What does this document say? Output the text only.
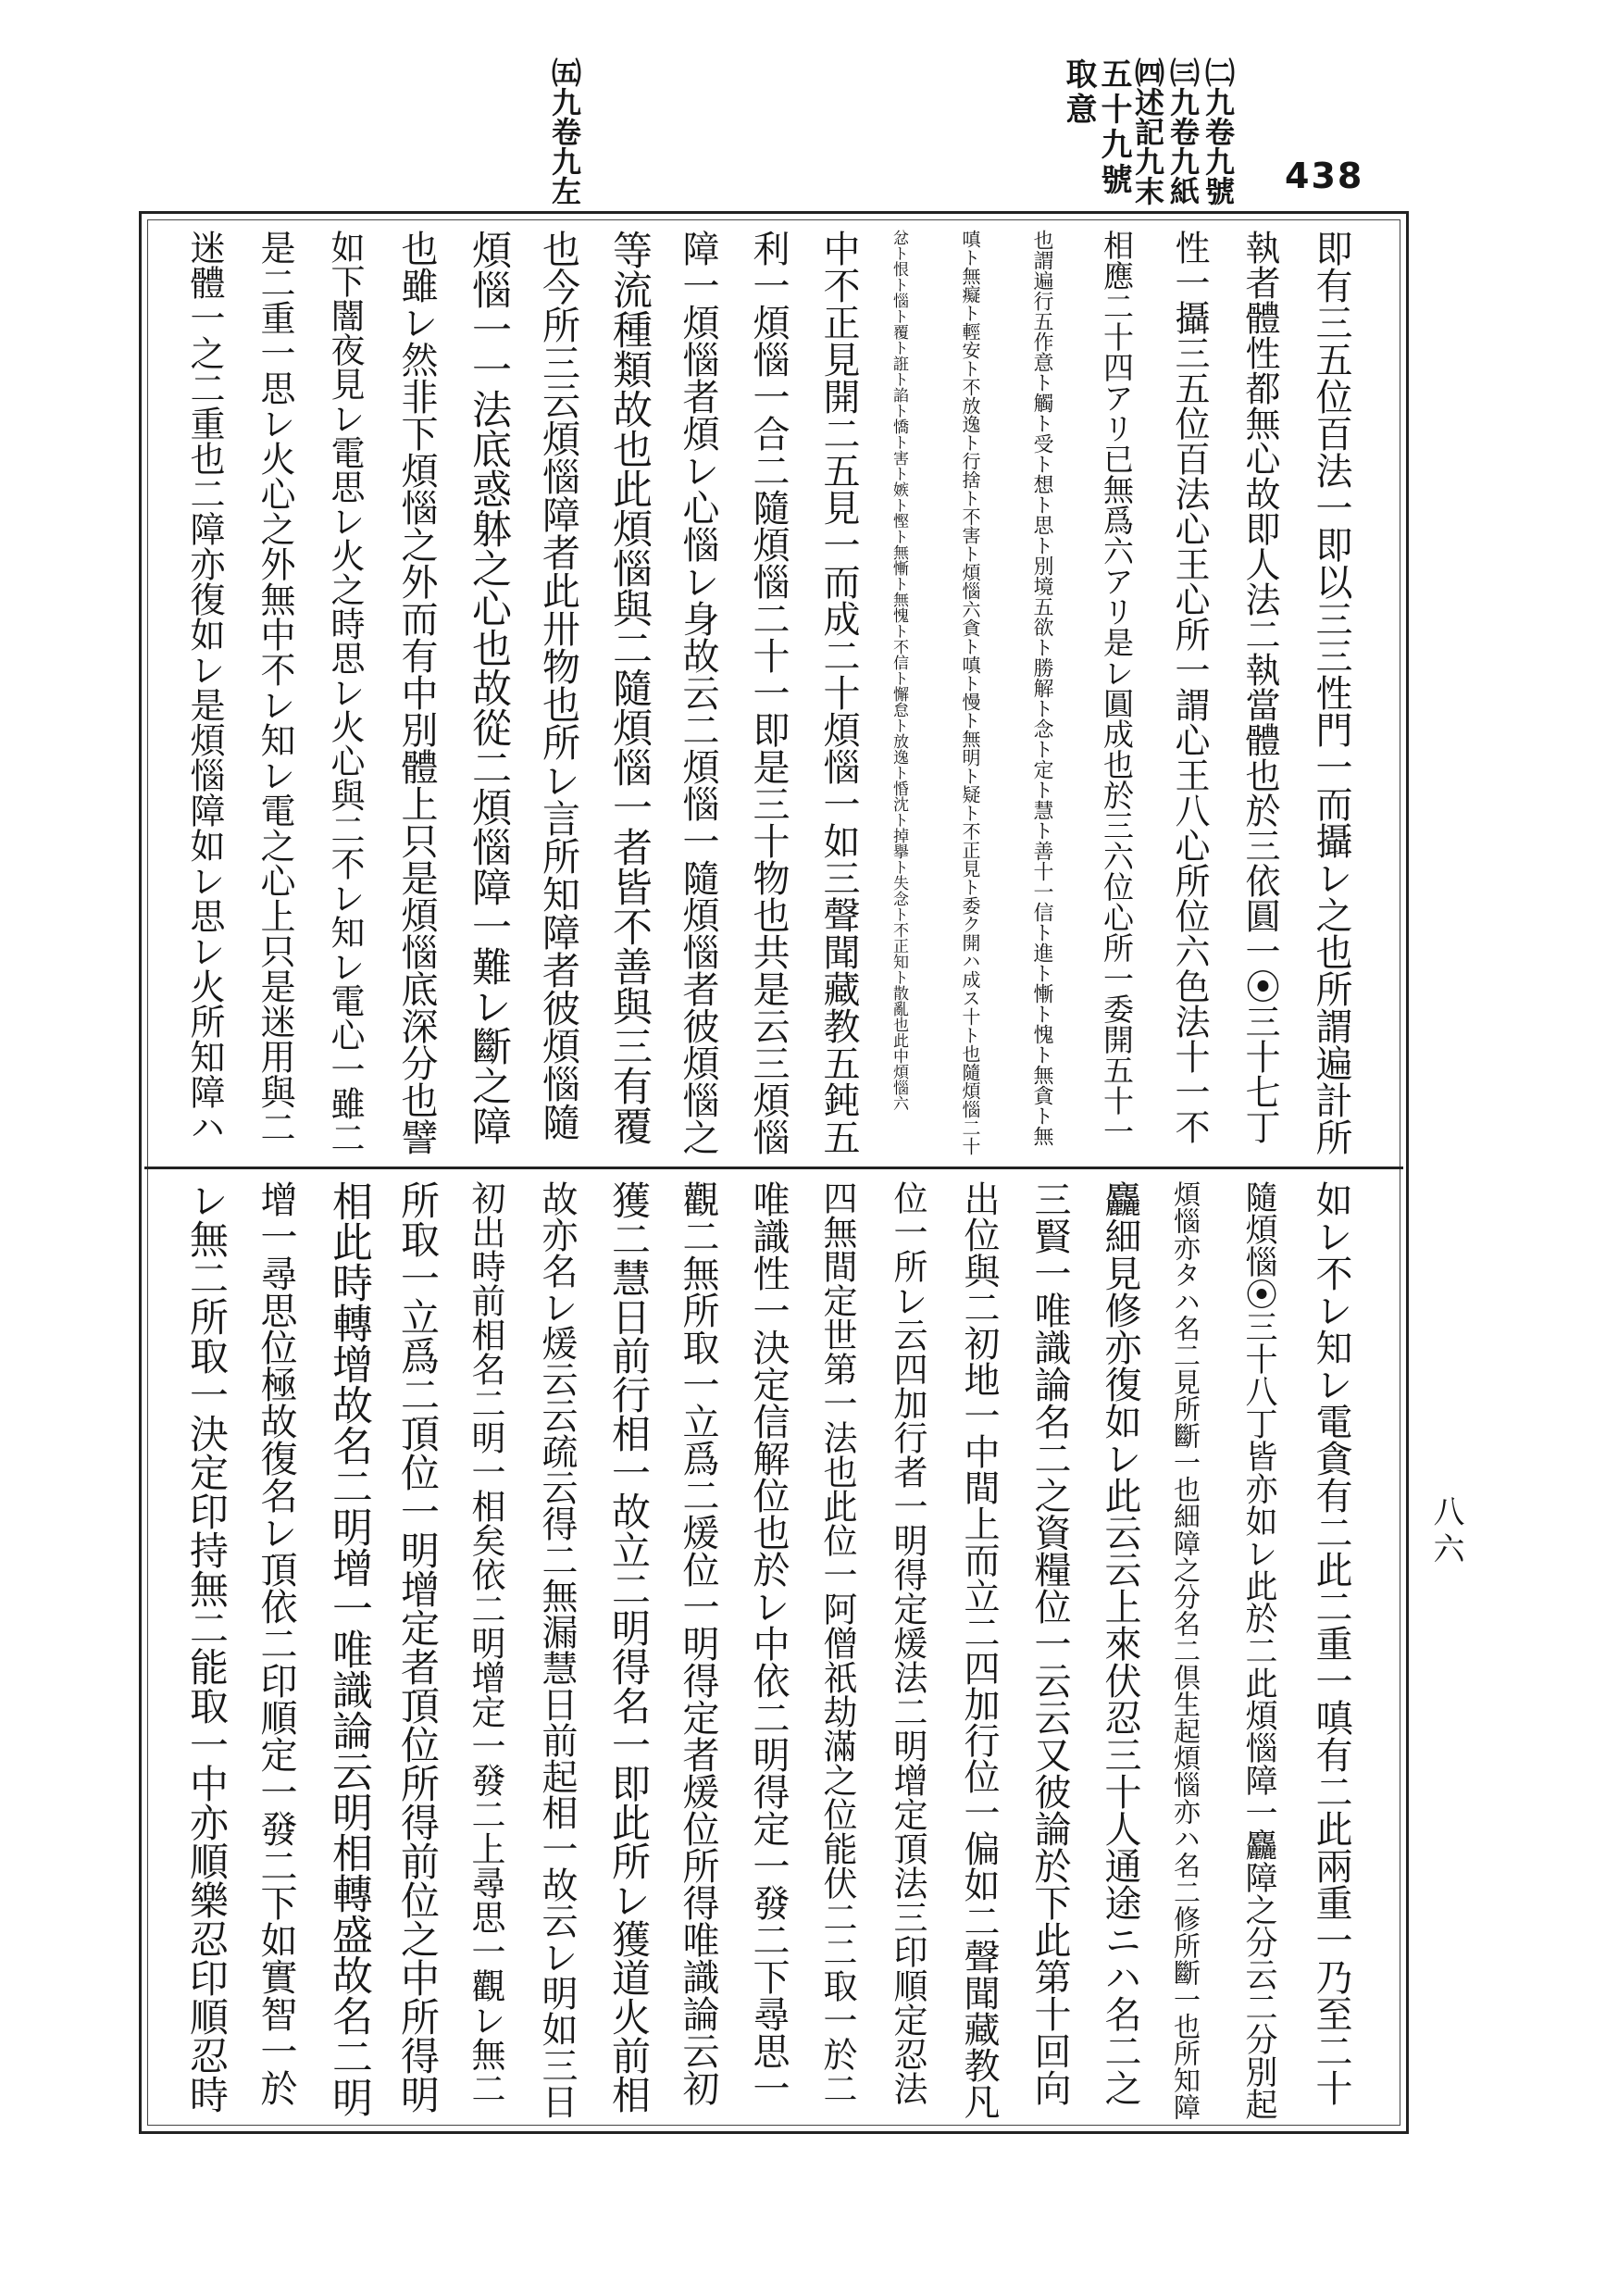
438
㈡九卷九號
㈢九卷九紙
㈣述記九末
五十九號
取意
㈤九卷九左
八六
即有三五位百法一即以三三性門一而攝レ之也所謂遍計所
執者體性都無心故即人法二執當體也於三依圓一⦿三十七丁
性一攝三五位百法心王心所一謂心王八心所位六色法十一不
相應二十四アリ已無爲六アリ是レ圓成也於三六位心所一委開五十一
也謂遍行五作意ト觸ト受ト想ト思ト別境五欲ト勝解ト念ト定ト慧ト善十一信ト進ト慚ト愧ト無貪ト無
嗔ト無癡ト輕安ト不放逸ト行捨ト不害ト煩惱六貪ト嗔ト慢ト無明ト疑ト不正見ト委ク開ハ成ス十ト也隨煩惱二十
忿ト恨ト惱ト覆ト誑ト諂ト憍ト害ト嫉ト慳ト無慚ト無愧ト不信ト懈怠ト放逸ト惛沈ト掉擧ト失念ト不正知ト散亂也此中煩惱六
中不正見開二五見一而成二十煩惱一如三聲聞藏教五鈍五
利一煩惱一合二隨煩惱二十一即是三十物也共是云三煩惱
障一煩惱者煩レ心惱レ身故云二煩惱一隨煩惱者彼煩惱之
等流種類故也此煩惱與二隨煩惱一者皆不善與三有覆
也今所三云煩惱障者此卅物也所レ言所知障者彼煩惱隨
煩惱一一法底惑躰之心也故從二煩惱障一難レ斷之障
也雖レ然非下煩惱之外而有中別體上只是煩惱底深分也譬
如下闇夜見レ電思レ火之時思レ火心與二不レ知レ電心一雖二
是二重一思レ火心之外無中不レ知レ電之心上只是迷用與二
迷體一之二重也二障亦復如レ是煩惱障如レ思レ火所知障ハ
如レ不レ知レ電貪有二此二重一嗔有二此兩重一乃至二十
隨煩惱⦿三十八丁皆亦如レ此於二此煩惱障一麤障之分云二分別起
煩惱亦タハ名二見所斷一也細障之分名二倶生起煩惱亦ハ名二修所斷一也所知障
麤細見修亦復如レ此云云上來伏忍三十人通途ニハ名二之
三賢一唯識論名二之資糧位一云云又彼論於下此第十回向
出位與二初地一中間上而立二四加行位一偏如二聲聞藏教凡
位一所レ云四加行者一明得定煖法二明增定頂法三印順定忍法
四無間定世第一法也此位一阿僧祇劫滿之位能伏二二取一於二
唯識性一決定信解位也於レ中依二明得定一發二下尋思一
觀二無所取一立爲二煖位一明得定者煖位所得唯識論云初
獲二慧日前行相一故立二明得名一即此所レ獲道火前相
故亦名レ煖云云疏云得二無漏慧日前起相一故云レ明如三日
初出時前相名二明一相矣依二明增定一發二上尋思一觀レ無二
所取一立爲二頂位一明增定者頂位所得前位之中所得明
相此時轉增故名二明增一唯識論云明相轉盛故名二明
增一尋思位極故復名レ頂依二印順定一發二下如實智一於
レ無二所取一決定印持無二能取一中亦順樂忍印順忍時
